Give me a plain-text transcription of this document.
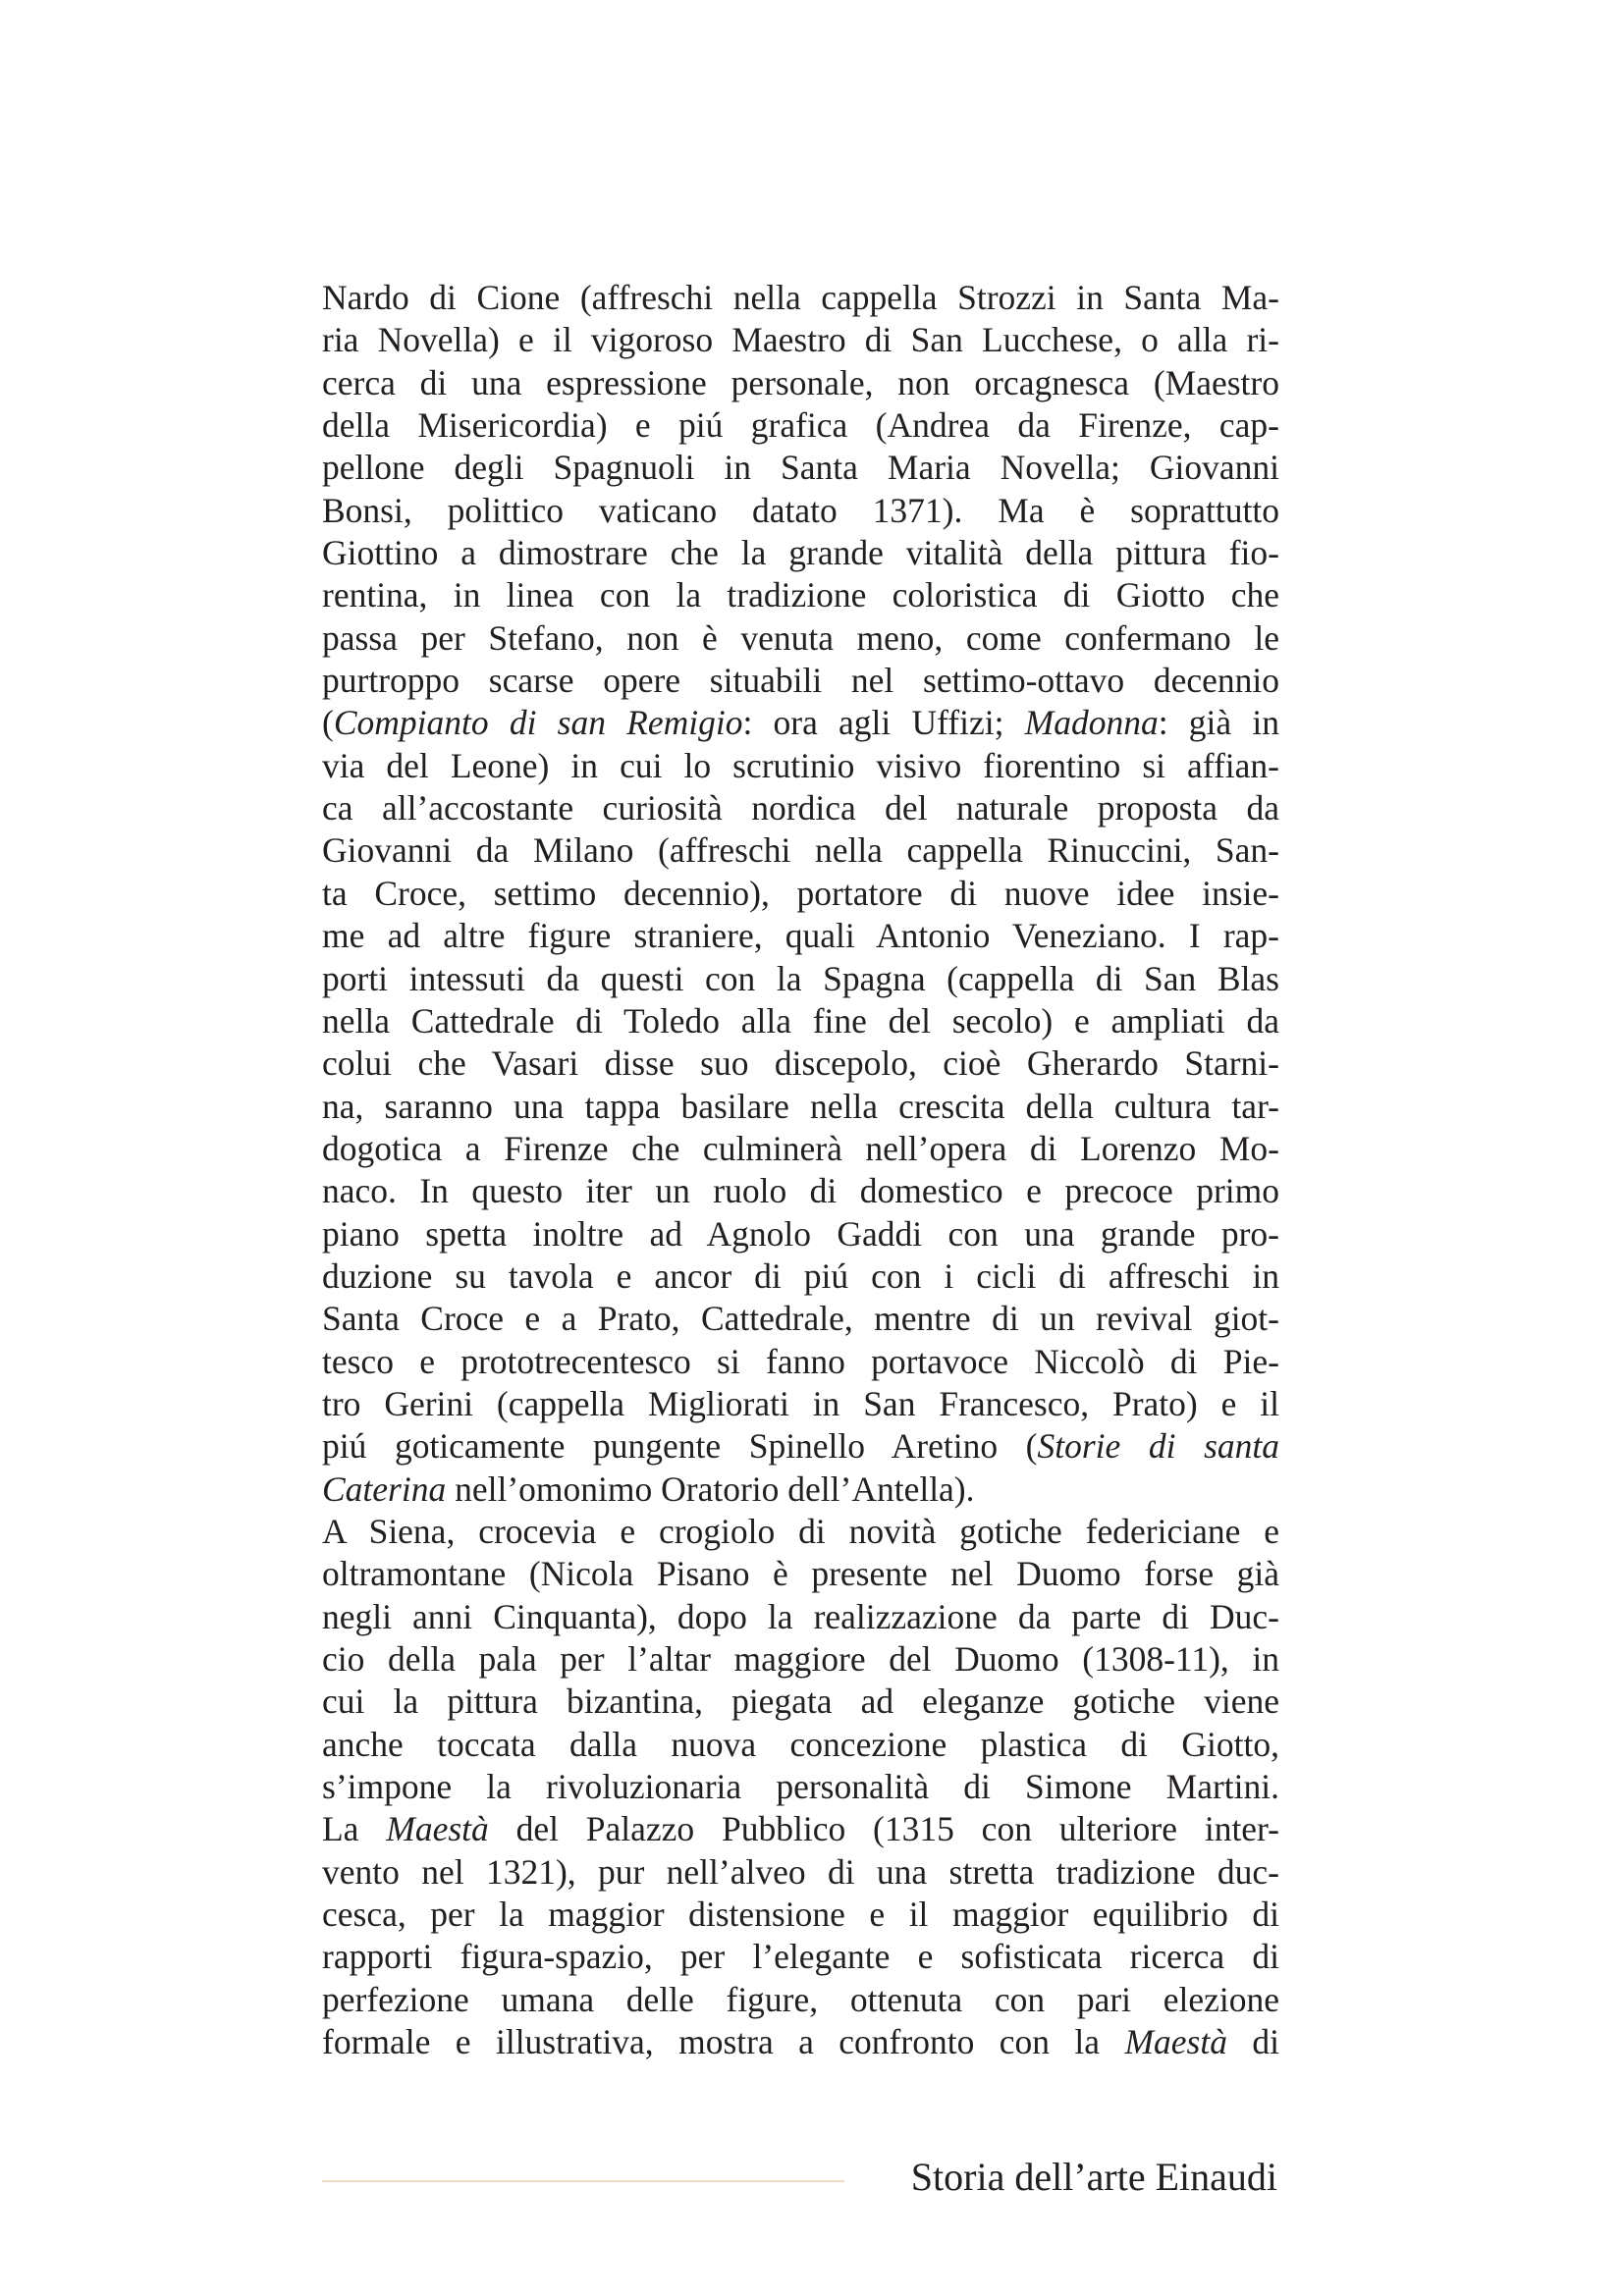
Nardo di Cione (affreschi nella cappella Strozzi in Santa Ma-
ria Novella) e il vigoroso Maestro di San Lucchese, o alla ri-
cerca di una espressione personale, non orcagnesca (Maestro
della Misericordia) e piú grafica (Andrea da Firenze, cap-
pellone degli Spagnuoli in Santa Maria Novella; Giovanni
Bonsi, polittico vaticano datato 1371). Ma è soprattutto
Giottino a dimostrare che la grande vitalità della pittura fio-
rentina, in linea con la tradizione coloristica di Giotto che
passa per Stefano, non è venuta meno, come confermano le
purtroppo scarse opere situabili nel settimo-ottavo decennio
(Compianto di san Remigio: ora agli Uffizi; Madonna: già in
via del Leone) in cui lo scrutinio visivo fiorentino si affian-
ca all’accostante curiosità nordica del naturale proposta da
Giovanni da Milano (affreschi nella cappella Rinuccini, San-
ta Croce, settimo decennio), portatore di nuove idee insie-
me ad altre figure straniere, quali Antonio Veneziano. I rap-
porti intessuti da questi con la Spagna (cappella di San Blas
nella Cattedrale di Toledo alla fine del secolo) e ampliati da
colui che Vasari disse suo discepolo, cioè Gherardo Starni-
na, saranno una tappa basilare nella crescita della cultura tar-
dogotica a Firenze che culminerà nell’opera di Lorenzo Mo-
naco. In questo iter un ruolo di domestico e precoce primo
piano spetta inoltre ad Agnolo Gaddi con una grande pro-
duzione su tavola e ancor di piú con i cicli di affreschi in
Santa Croce e a Prato, Cattedrale, mentre di un revival giot-
tesco e prototrecentesco si fanno portavoce Niccolò di Pie-
tro Gerini (cappella Migliorati in San Francesco, Prato) e il
piú goticamente pungente Spinello Aretino (Storie di santa
Caterina nell’omonimo Oratorio dell’Antella).
A Siena, crocevia e crogiolo di novità gotiche federiciane e
oltramontane (Nicola Pisano è presente nel Duomo forse già
negli anni Cinquanta), dopo la realizzazione da parte di Duc-
cio della pala per l’altar maggiore del Duomo (1308-11), in
cui la pittura bizantina, piegata ad eleganze gotiche viene
anche toccata dalla nuova concezione plastica di Giotto,
s’impone la rivoluzionaria personalità di Simone Martini.
La Maestà del Palazzo Pubblico (1315 con ulteriore inter-
vento nel 1321), pur nell’alveo di una stretta tradizione duc-
cesca, per la maggior distensione e il maggior equilibrio di
rapporti figura-spazio, per l’elegante e sofisticata ricerca di
perfezione umana delle figure, ottenuta con pari elezione
formale e illustrativa, mostra a confronto con la Maestà di
Storia dell’arte Einaudi
